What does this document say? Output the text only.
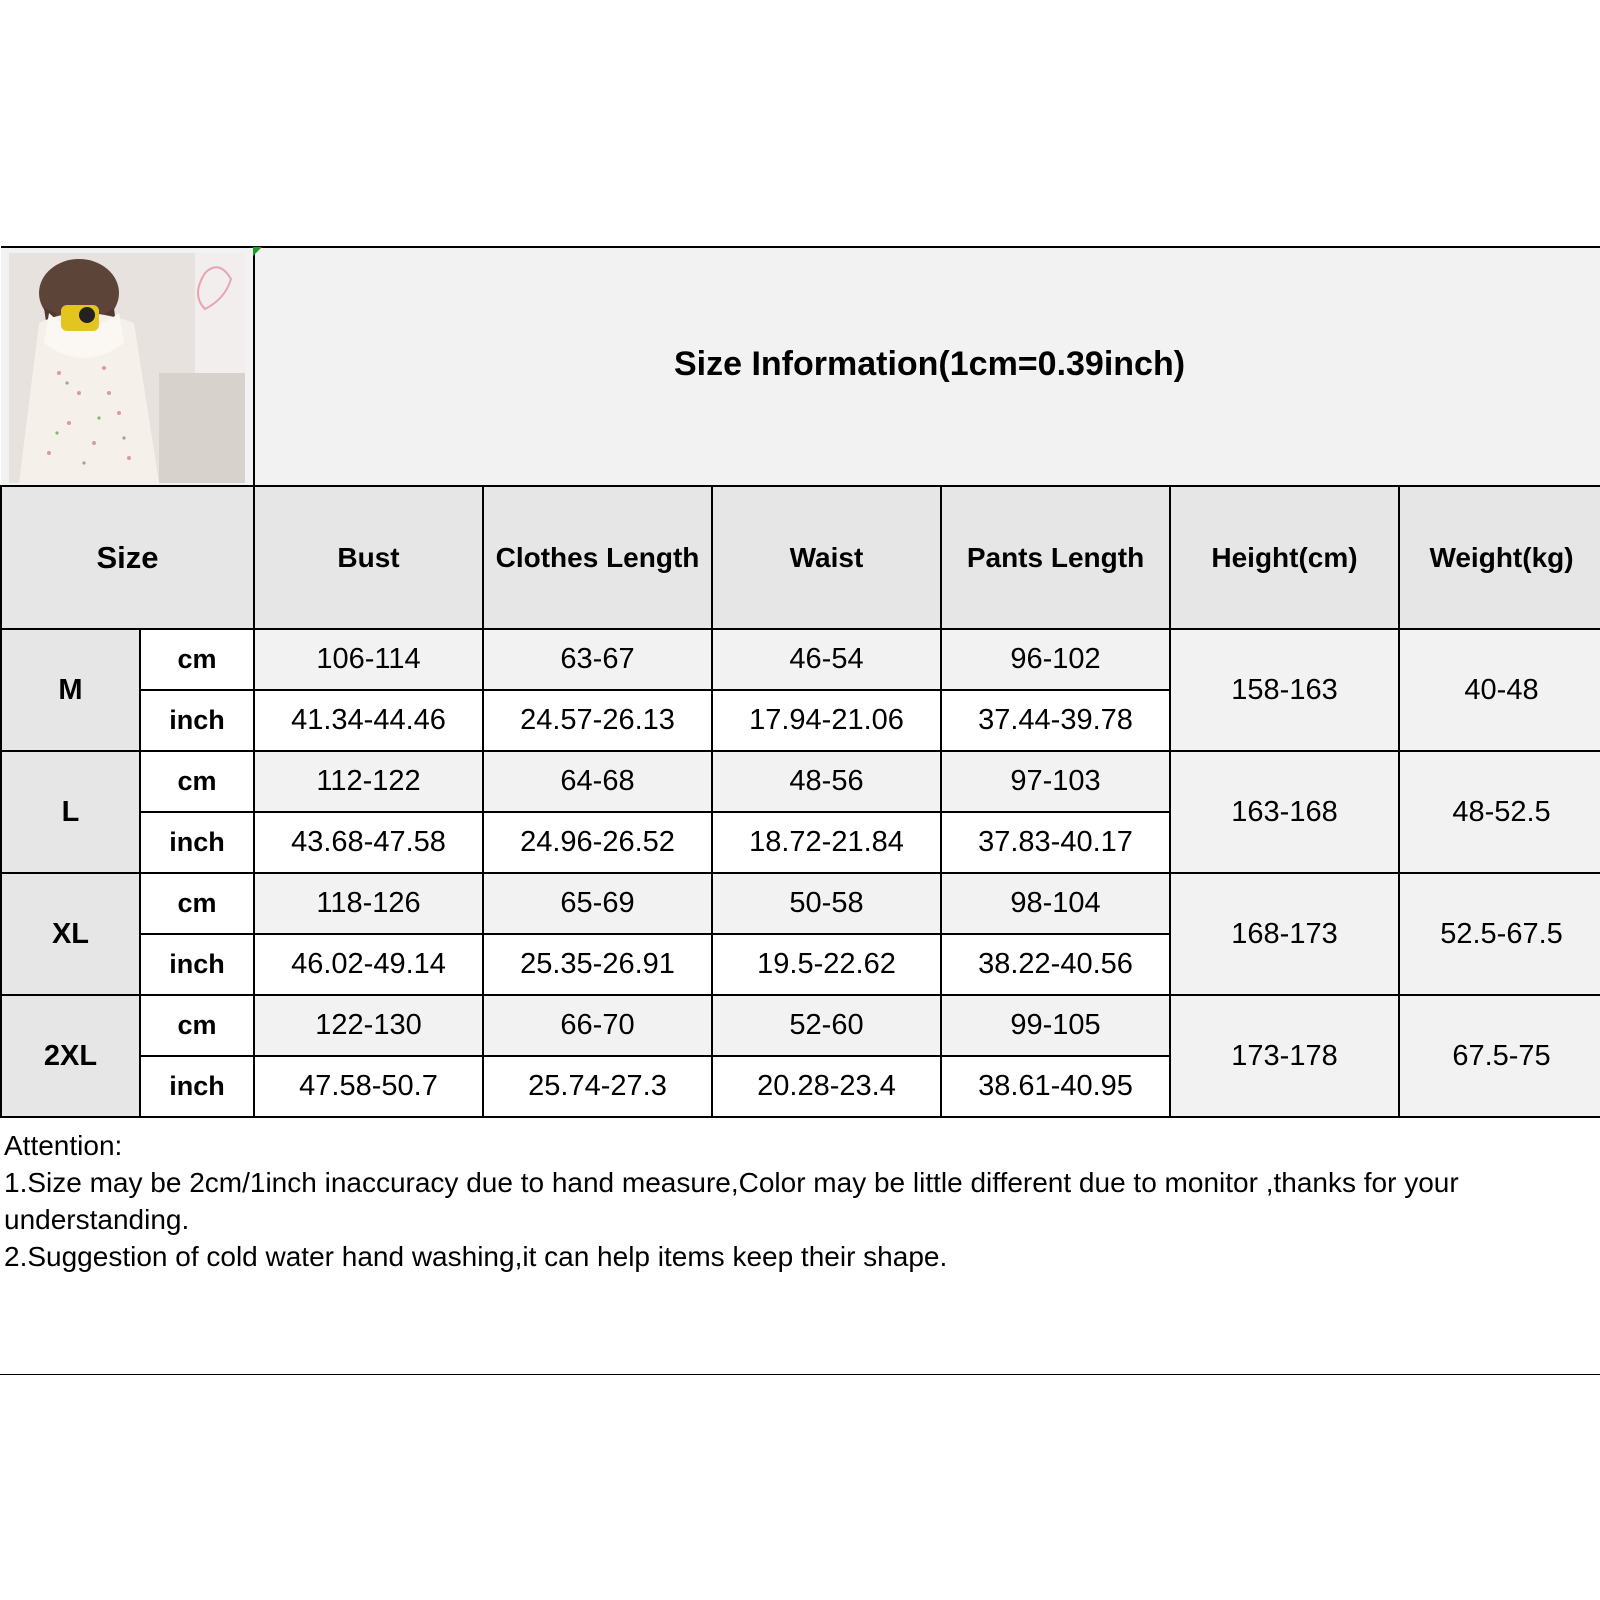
	Size Information(1cm=0.39inch)					
Size		Bust	Clothes Length	Waist	Pants Length	Height(cm)	Weight(kg)
M	cm	106-114	63-67	46-54	96-102	158-163	40-48
	inch	41.34-44.46	24.57-26.13	17.94-21.06	37.44-39.78		
L	cm	112-122	64-68	48-56	97-103	163-168	48-52.5
	inch	43.68-47.58	24.96-26.52	18.72-21.84	37.83-40.17		
XL	cm	118-126	65-69	50-58	98-104	168-173	52.5-67.5
	inch	46.02-49.14	25.35-26.91	19.5-22.62	38.22-40.56		
2XL	cm	122-130	66-70	52-60	99-105	173-178	67.5-75
	inch	47.58-50.7	25.74-27.3	20.28-23.4	38.61-40.95		
Attention:
1.Size may be 2cm/1inch inaccuracy due to hand measure,Color may be little different due to monitor ,thanks for your understanding.
2.Suggestion of cold water hand washing,it can help items keep their shape.
